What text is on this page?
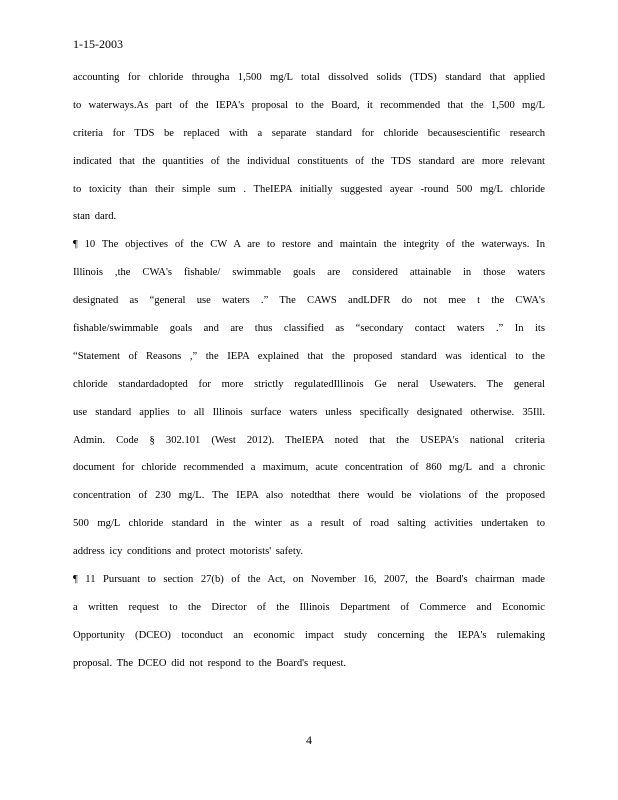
1-15-2003
accounting for chloride througha 1,500 mg/L total dissolved solids (TDS) standard that applied
to waterways.As part of the IEPA's proposal to the Board, it recommended that the 1,500 mg/L
criteria for TDS be replaced with a separate standard for chloride becausescientific research
indicated that the quantities of the individual constituents of the TDS standard are more relevant
to toxicity than their simple sum . TheIEPA initially suggested ayear -round 500 mg/L chloride
stan dard.
¶ 10 The objectives of the CW A are to restore and maintain the integrity of the waterways. In
Illinois ,the CWA's fishable/ swimmable goals are considered attainable in those waters
designated as “general use waters .” The CAWS andLDFR do not mee t the CWA's
fishable/swimmable goals and are thus classified as “secondary contact waters .” In its
“Statement of Reasons ,” the IEPA explained that the proposed standard was identical to the
chloride standardadopted for more strictly regulatedIllinois Ge neral Usewaters. The general
use standard applies to all Illinois surface waters unless specifically designated otherwise. 35Ill.
Admin. Code § 302.101 (West 2012). TheIEPA noted that the USEPA's national criteria
document for chloride recommended a maximum, acute concentration of 860 mg/L and a chronic
concentration of 230 mg/L. The IEPA also notedthat there would be violations of the proposed
500 mg/L chloride standard in the winter as a result of road salting activities undertaken to
address icy conditions and protect motorists' safety.
¶ 11 Pursuant to section 27(b) of the Act, on November 16, 2007, the Board's chairman made
a written request to the Director of the Illinois Department of Commerce and Economic
Opportunity (DCEO) toconduct an economic impact study concerning the IEPA's rulemaking
proposal. The DCEO did not respond to the Board's request.
4
